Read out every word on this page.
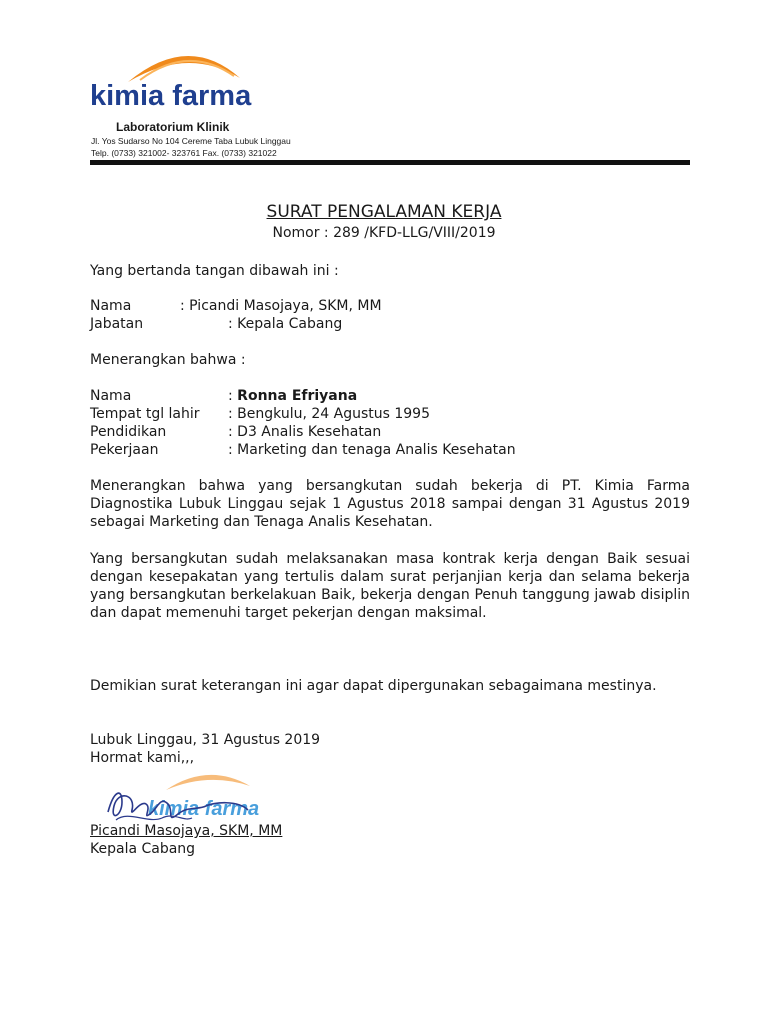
kimia farma
Laboratorium Klinik
Jl. Yos Sudarso No 104 Cereme Taba Lubuk Linggau
Telp. (0733) 321002- 323761 Fax. (0733) 321022
SURAT PENGALAMAN KERJA
Nomor : 289 /KFD-LLG/VIII/2019
Yang bertanda tangan dibawah ini :
Nama	: Picandi Masojaya, SKM, MM
Jabatan	: Kepala Cabang
Menerangkan bahwa :
Nama	: Ronna Efriyana
Tempat tgl lahir : Bengkulu, 24 Agustus 1995
Pendidikan	: D3 Analis Kesehatan
Pekerjaan	: Marketing dan tenaga Analis Kesehatan
Menerangkan bahwa yang bersangkutan sudah bekerja di PT. Kimia Farma Diagnostika Lubuk Linggau sejak 1 Agustus 2018 sampai dengan 31 Agustus 2019 sebagai Marketing dan Tenaga Analis Kesehatan.
Yang bersangkutan sudah melaksanakan masa kontrak kerja dengan Baik sesuai dengan kesepakatan yang tertulis dalam surat perjanjian kerja dan selama bekerja yang bersangkutan berkelakuan Baik, bekerja dengan Penuh tanggung jawab disiplin dan dapat memenuhi target pekerjan dengan maksimal.
Demikian surat keterangan ini agar dapat dipergunakan sebagaimana mestinya.
Lubuk Linggau, 31 Agustus 2019
Hormat kami,,,
kimia farma
Picandi Masojaya, SKM, MM
Kepala Cabang
